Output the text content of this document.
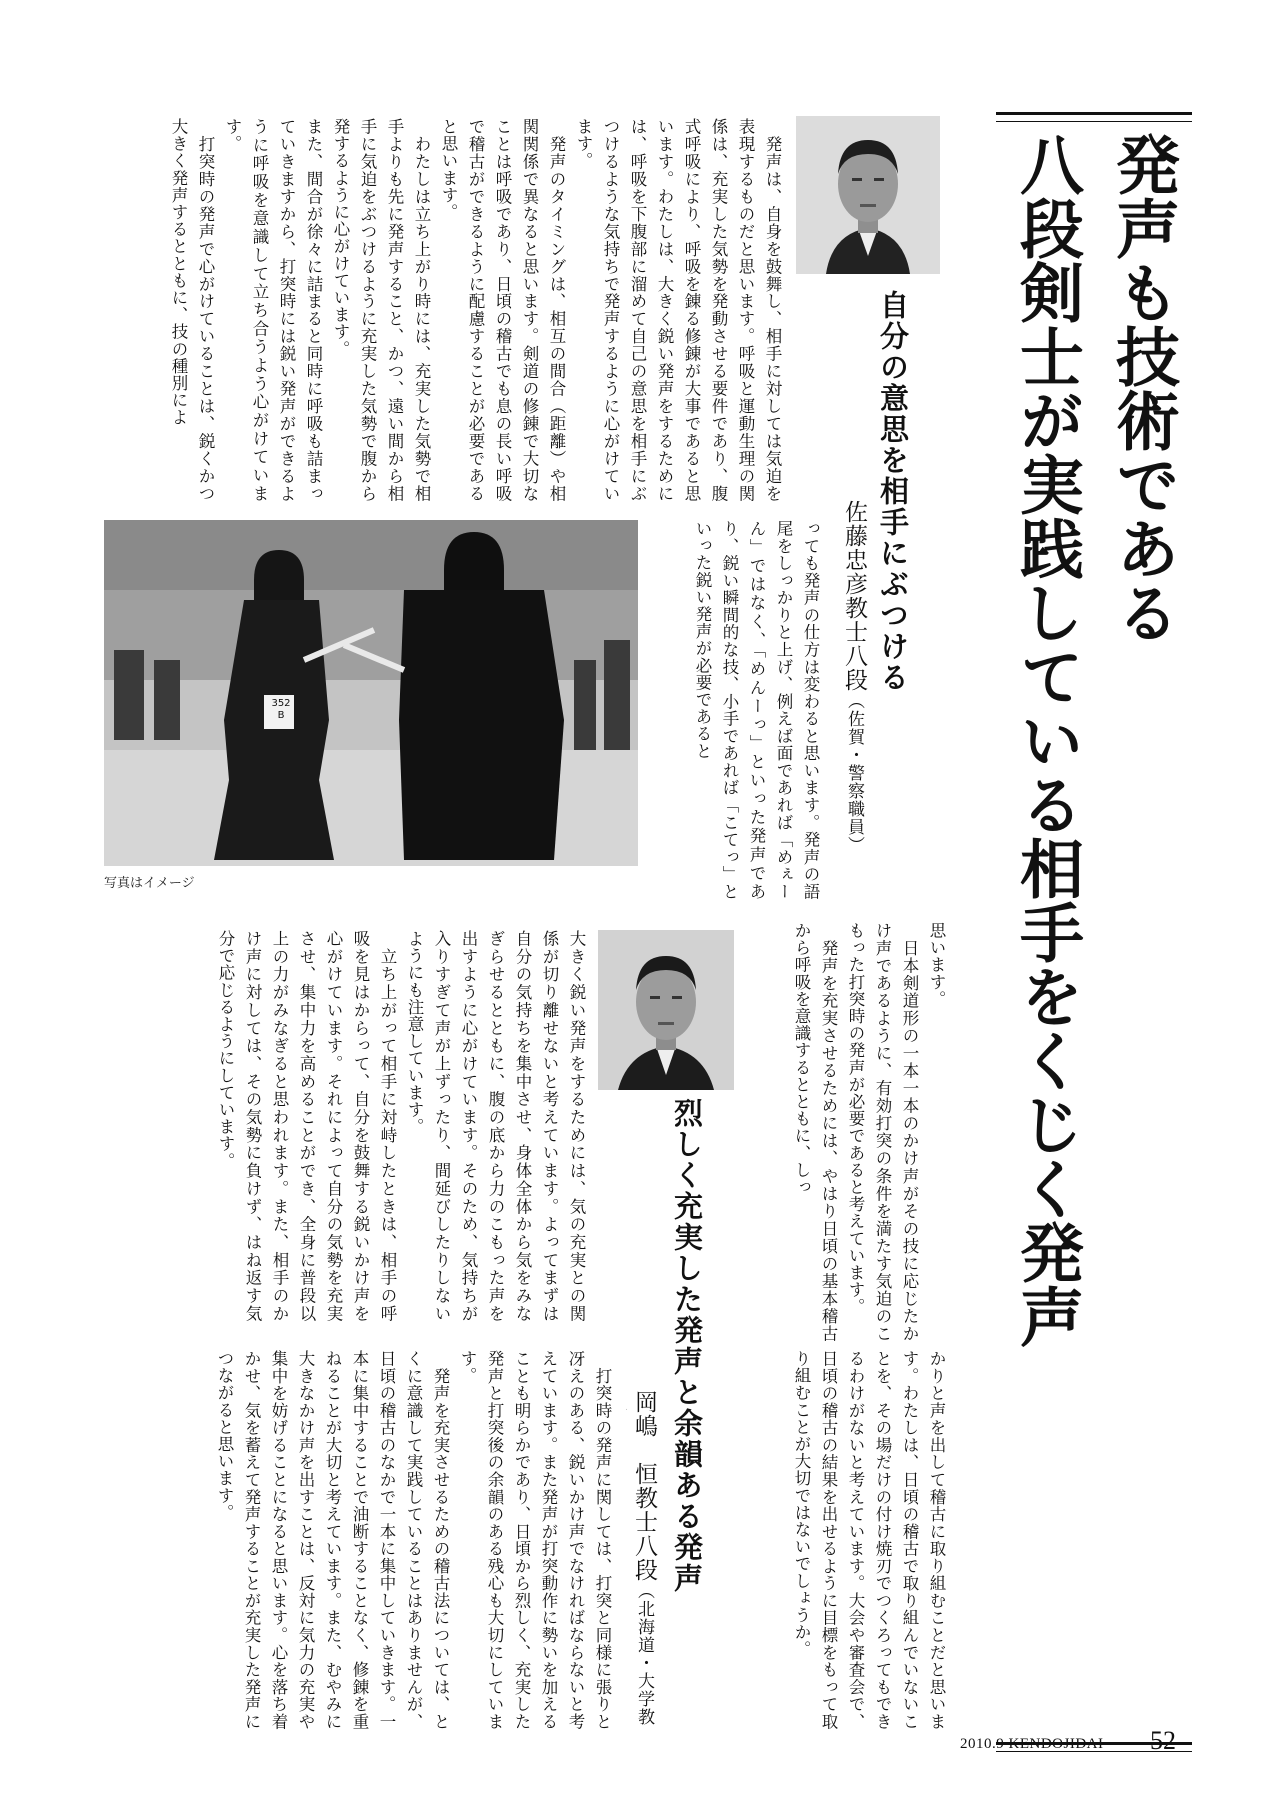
発声も技術である
八段剣士が実践している相手をくじく発声
自分の意思を相手にぶつける
佐藤忠彦教士八段（佐賀・警察職員）
　発声は、自身を鼓舞し、相手に対しては気迫を表現するものだと思います。呼吸と運動生理の関係は、充実した気勢を発動させる要件であり、腹式呼吸により、呼吸を錬る修錬が大事であると思います。わたしは、大きく鋭い発声をするためには、呼吸を下腹部に溜めて自己の意思を相手にぶつけるような気持ちで発声するように心がけています。
　発声のタイミングは、相互の間合（距離）や相関関係で異なると思います。剣道の修錬で大切なことは呼吸であり、日頃の稽古でも息の長い呼吸で稽古ができるように配慮することが必要であると思います。
　わたしは立ち上がり時には、充実した気勢で相手よりも先に発声すること、かつ、遠い間から相手に気迫をぶつけるように充実した気勢で腹から発するように心がけています。
また、間合が徐々に詰まると同時に呼吸も詰まっていきますから、打突時には鋭い発声ができるように呼吸を意識して立ち合うよう心がけています。
　打突時の発声で心がけていることは、鋭くかつ大きく発声するとともに、技の種別によ
っても発声の仕方は変わると思います。発声の語尾をしっかりと上げ、例えば面であれば「めぇーん」ではなく、「めんーっ」といった発声であり、鋭い瞬間的な技、小手であれば「こてっ」といった鋭い発声が必要であると
352 B
写真はイメージ
思います。
　日本剣道形の一本一本のかけ声がその技に応じたかけ声であるように、有効打突の条件を満たす気迫のこもった打突時の発声が必要であると考えています。
　発声を充実させるためには、やはり日頃の基本稽古から呼吸を意識するとともに、しっ
かりと声を出して稽古に取り組むことだと思います。わたしは、日頃の稽古で取り組んでいないことを、その場だけの付け焼刃でつくろってもできるわけがないと考えています。大会や審査会で、日頃の稽古の結果を出せるように目標をもって取り組むことが大切ではないでしょうか。
烈しく充実した発声と余韻ある発声
岡嶋　恒教士八段（北海道・大学教
大きく鋭い発声をするためには、気の充実との関係が切り離せないと考えています。よってまずは自分の気持ちを集中させ、身体全体から気をみなぎらせるとともに、腹の底から力のこもった声を出すように心がけています。そのため、気持ちが入りすぎて声が上ずったり、間延びしたりしないようにも注意しています。
　立ち上がって相手に対峙したときは、相手の呼吸を見はからって、自分を鼓舞する鋭いかけ声を心がけています。それによって自分の気勢を充実させ、集中力を高めることができ、全身に普段以上の力がみなぎると思われます。また、相手のかけ声に対しては、その気勢に負けず、はね返す気分で応じるようにしています。
　打突時の発声に関しては、打突と同様に張りと冴えのある、鋭いかけ声でなければならないと考えています。また発声が打突動作に勢いを加えることも明らかであり、日頃から烈しく、充実した発声と打突後の余韻のある残心も大切にしています。
　発声を充実させるための稽古法については、とくに意識して実践していることはありませんが、日頃の稽古のなかで一本に集中していきます。一本に集中することで油断することなく、修錬を重ねることが大切と考えています。また、むやみに大きなかけ声を出すことは、反対に気力の充実や集中を妨げることになると思います。心を落ち着かせ、気を蓄えて発声することが充実した発声につながると思います。
2010.9 KENDOJIDAI 52
